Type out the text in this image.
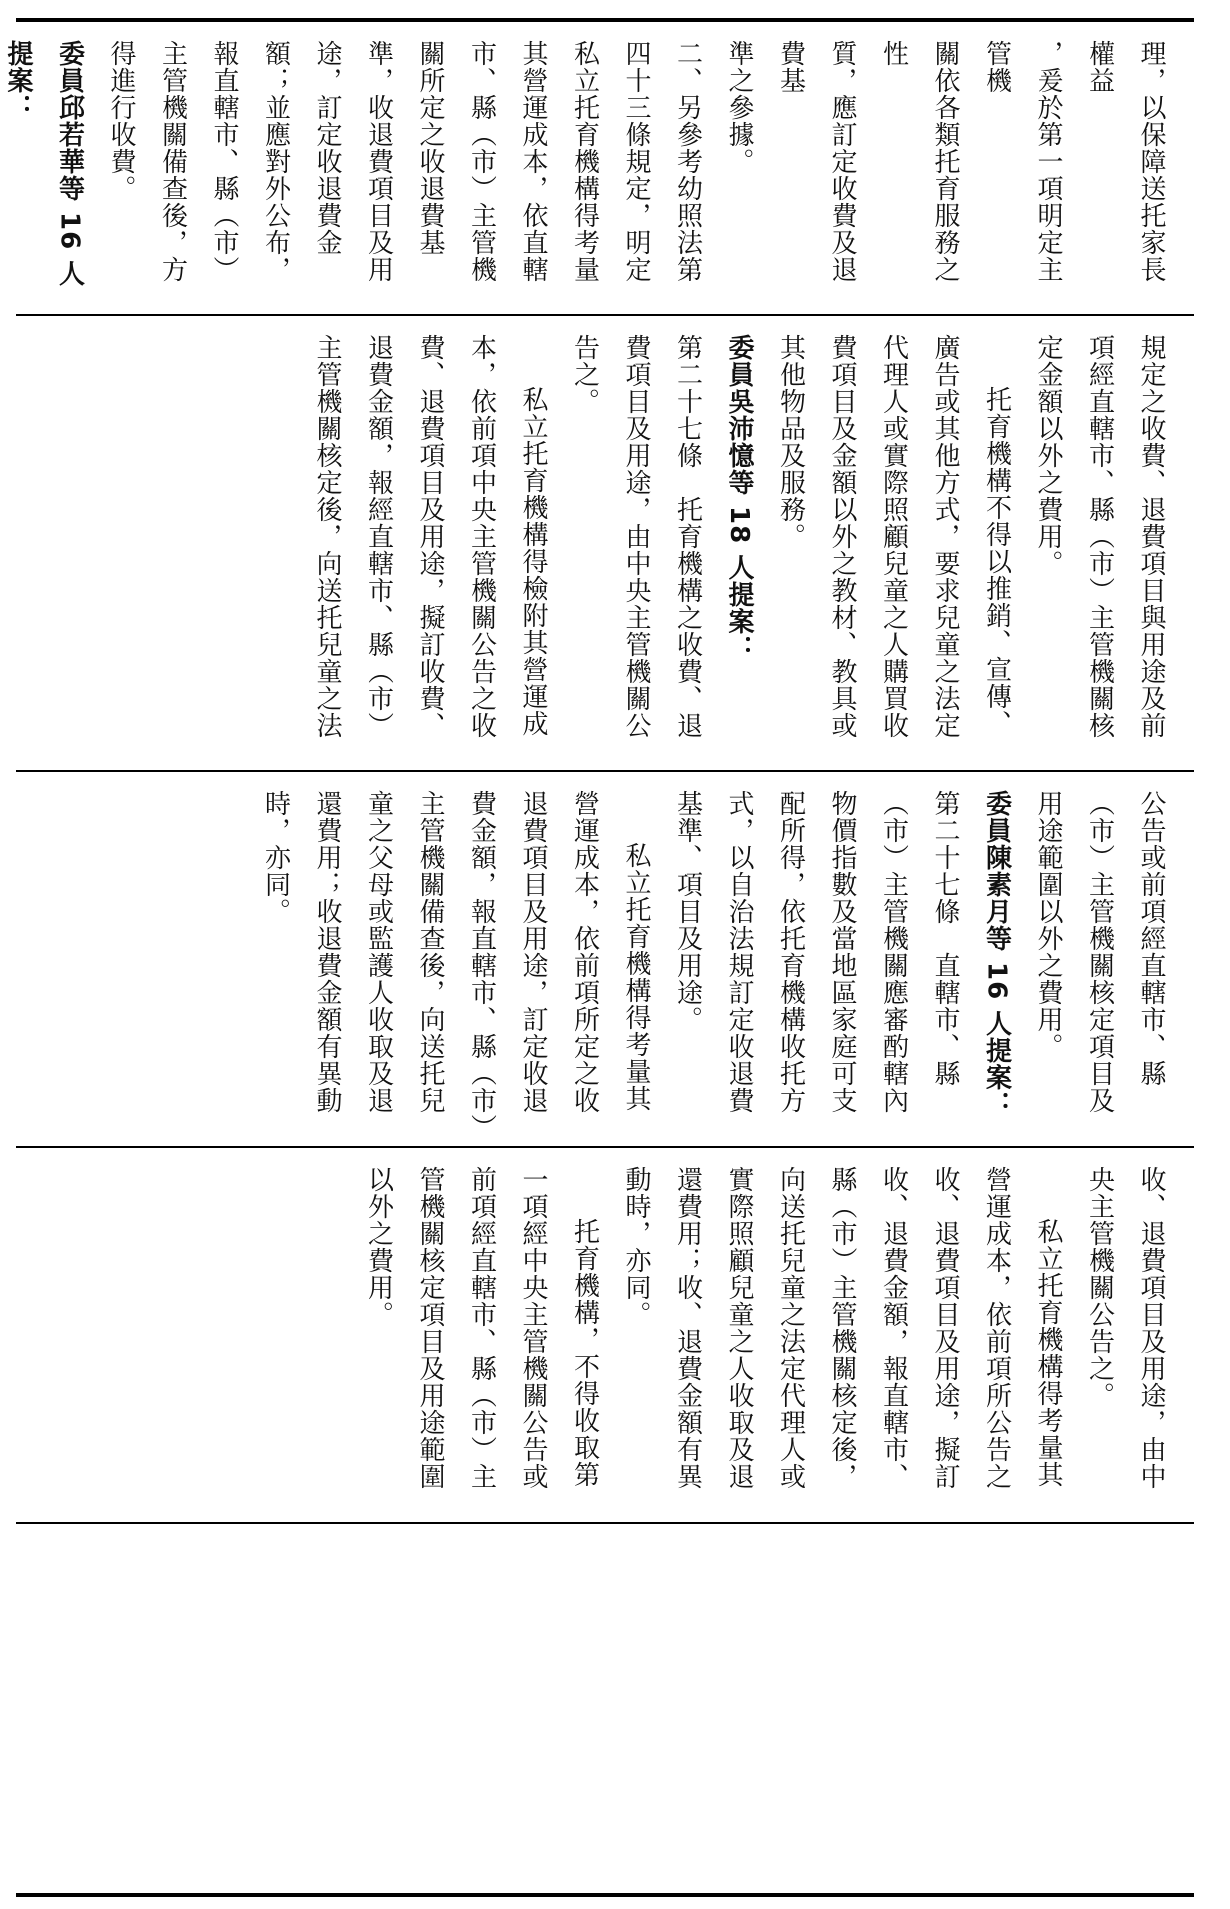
理，以保障送托家長權益
，爰於第一項明定主管機
關依各類托育服務之性
質，應訂定收費及退費基
準之參據。
二、另參考幼照法第四十三條規定，明定私立托育機構得考量其營運成本，依直轄市、縣（市）主管機關所定之收退費基準，收退費項目及用途，訂定收退費金額；並應對外公布，報直轄市、縣（市）主管機關備查後，方得進行收費。
委員邱若華等 16 人提案：
規定之收費、退費項目與用途及前項經直轄市、縣（市）主管機關核定金額以外之費用。
托育機構不得以推銷、宣傳、廣告或其他方式，要求兒童之法定代理人或實際照顧兒童之人購買收費項目及金額以外之教材、教具或其他物品及服務。
委員吳沛憶等 18 人提案：
第二十七條　托育機構之收費、退費項目及用途，由中央主管機關公告之。
私立托育機構得檢附其營運成本，依前項中央主管機關公告之收費、退費項目及用途，擬訂收費、退費金額，報經直轄市、縣（市）主管機關核定後，向送托兒童之法
公告或前項經直轄市、縣（市）主管機關核定項目及用途範圍以外之費用。
委員陳素月等 16 人提案：
第二十七條　直轄市、縣（市）主管機關應審酌轄內物價指數及當地區家庭可支配所得，依托育機構收托方式，以自治法規訂定收退費基準、項目及用途。
私立托育機構得考量其營運成本，依前項所定之收退費項目及用途，訂定收退費金額，報直轄市、縣（市）主管機關備查後，向送托兒童之父母或監護人收取及退還費用；收退費金額有異動時，亦同。
收、退費項目及用途，由中央主管機關公告之。
私立托育機構得考量其營運成本，依前項所公告之收、退費項目及用途，擬訂收、退費金額，報直轄市、縣（市）主管機關核定後，向送托兒童之法定代理人或實際照顧兒童之人收取及退還費用；收、退費金額有異動時，亦同。
托育機構，不得收取第一項經中央主管機關公告或前項經直轄市、縣（市）主管機關核定項目及用途範圍以外之費用。
